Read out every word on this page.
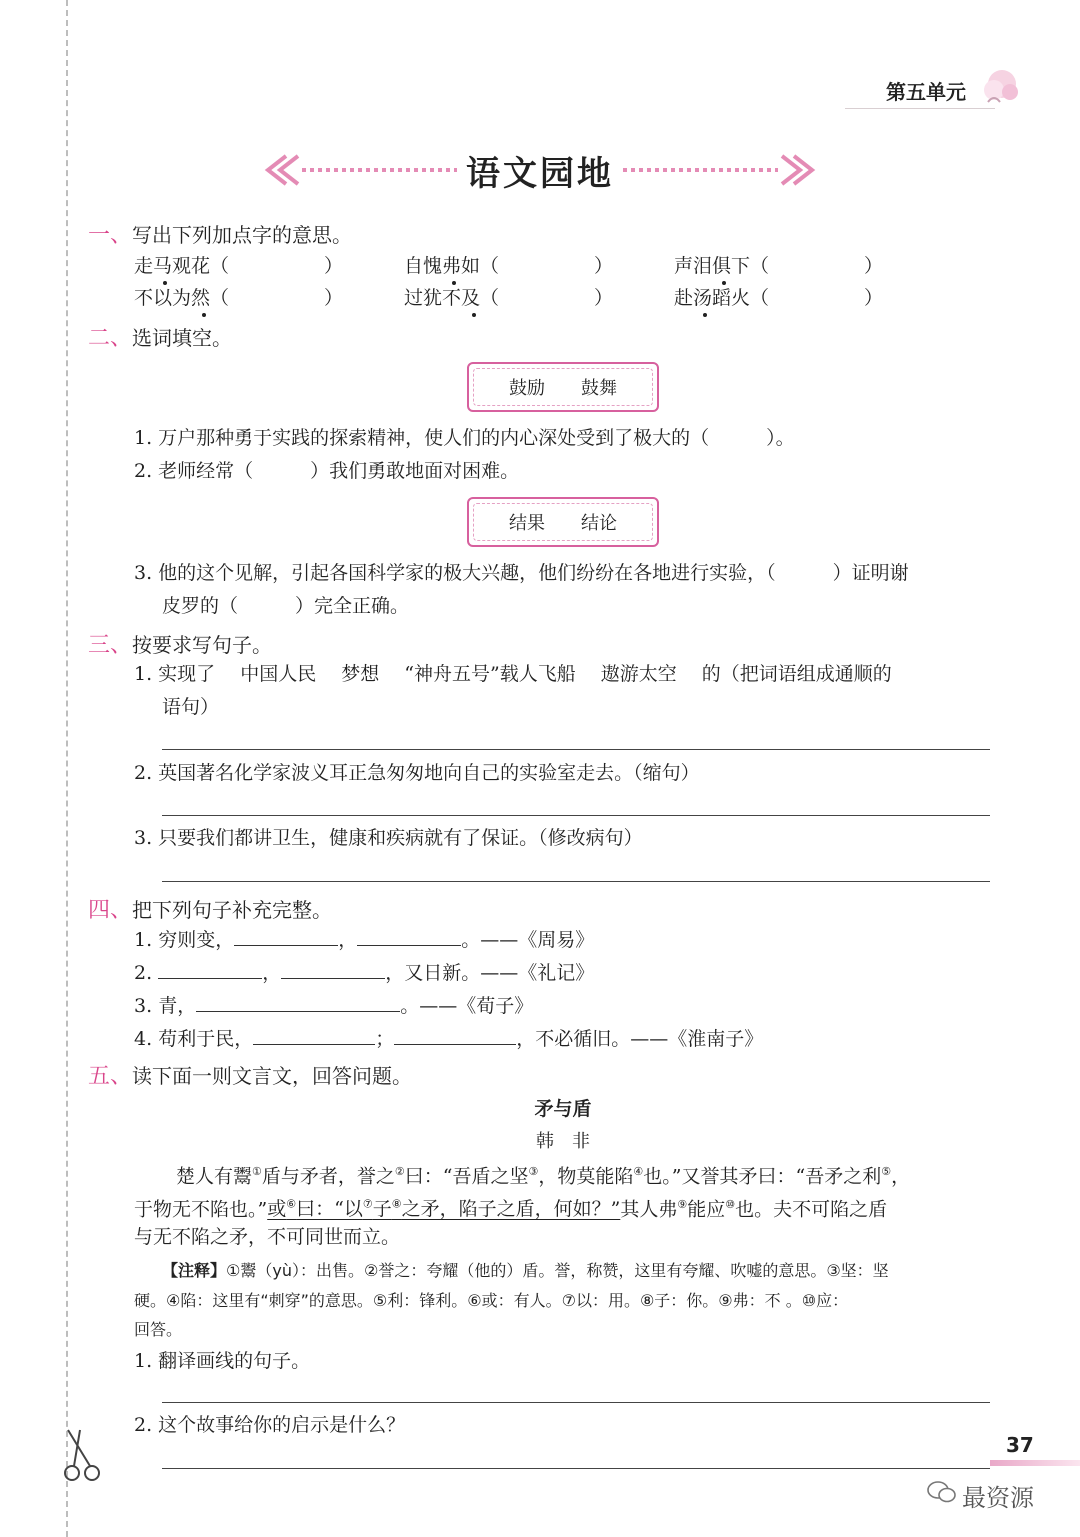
第五单元
语文园地
一、写出下列加点字的意思。
走马观花（　　　　　）	自愧弗如（　　　　　）	声泪俱下（　　　　　）
不以为然（　　　　　）	过犹不及（　　　　　）	赴汤蹈火（　　　　　）
二、选词填空。
鼓励 鼓舞
1. 万户那种勇于实践的探索精神，使人们的内心深处受到了极大的（　　　）。
2. 老师经常（　　　）我们勇敢地面对困难。
结果 结论
3. 他的这个见解，引起各国科学家的极大兴趣，他们纷纷在各地进行实验，（　　　）证明谢
皮罗的（　　　）完全正确。
三、按要求写句子。
1. 实现了　 中国人民　 梦想　 “神舟五号”载人飞船　 遨游太空　 的（把词语组成通顺的
语句）
2. 英国著名化学家波义耳正急匆匆地向自己的实验室走去。（缩句）
3. 只要我们都讲卫生，健康和疾病就有了保证。（修改病句）
四、把下列句子补充完整。
1. 穷则变，	，	。——《周易》
2.	，	，又日新。——《礼记》
3. 青，	。——《荀子》
4. 苟利于民，	；	，不必循旧。——《淮南子》
五、读下面一则文言文，回答问题。
矛与盾
韩　非
楚人有鬻①盾与矛者，誉之②曰：“吾盾之坚③，物莫能陷④也。”又誉其矛曰：“吾矛之利⑤，
于物无不陷也。”或⑥曰：“以⑦子⑧之矛，陷子之盾，何如？”其人弗⑨能应⑩也。夫不可陷之盾
与无不陷之矛，不可同世而立。
【注释】①鬻（yù）：出售。②誉之：夸耀（他的）盾。誉，称赞，这里有夸耀、吹嘘的意思。③坚：坚
硬。④陷：这里有“刺穿”的意思。⑤利：锋利。⑥或：有人。⑦以：用。⑧子：你。⑨弗：不 。⑩应：
回答。
1. 翻译画线的句子。
2. 这个故事给你的启示是什么？
37
最资源
